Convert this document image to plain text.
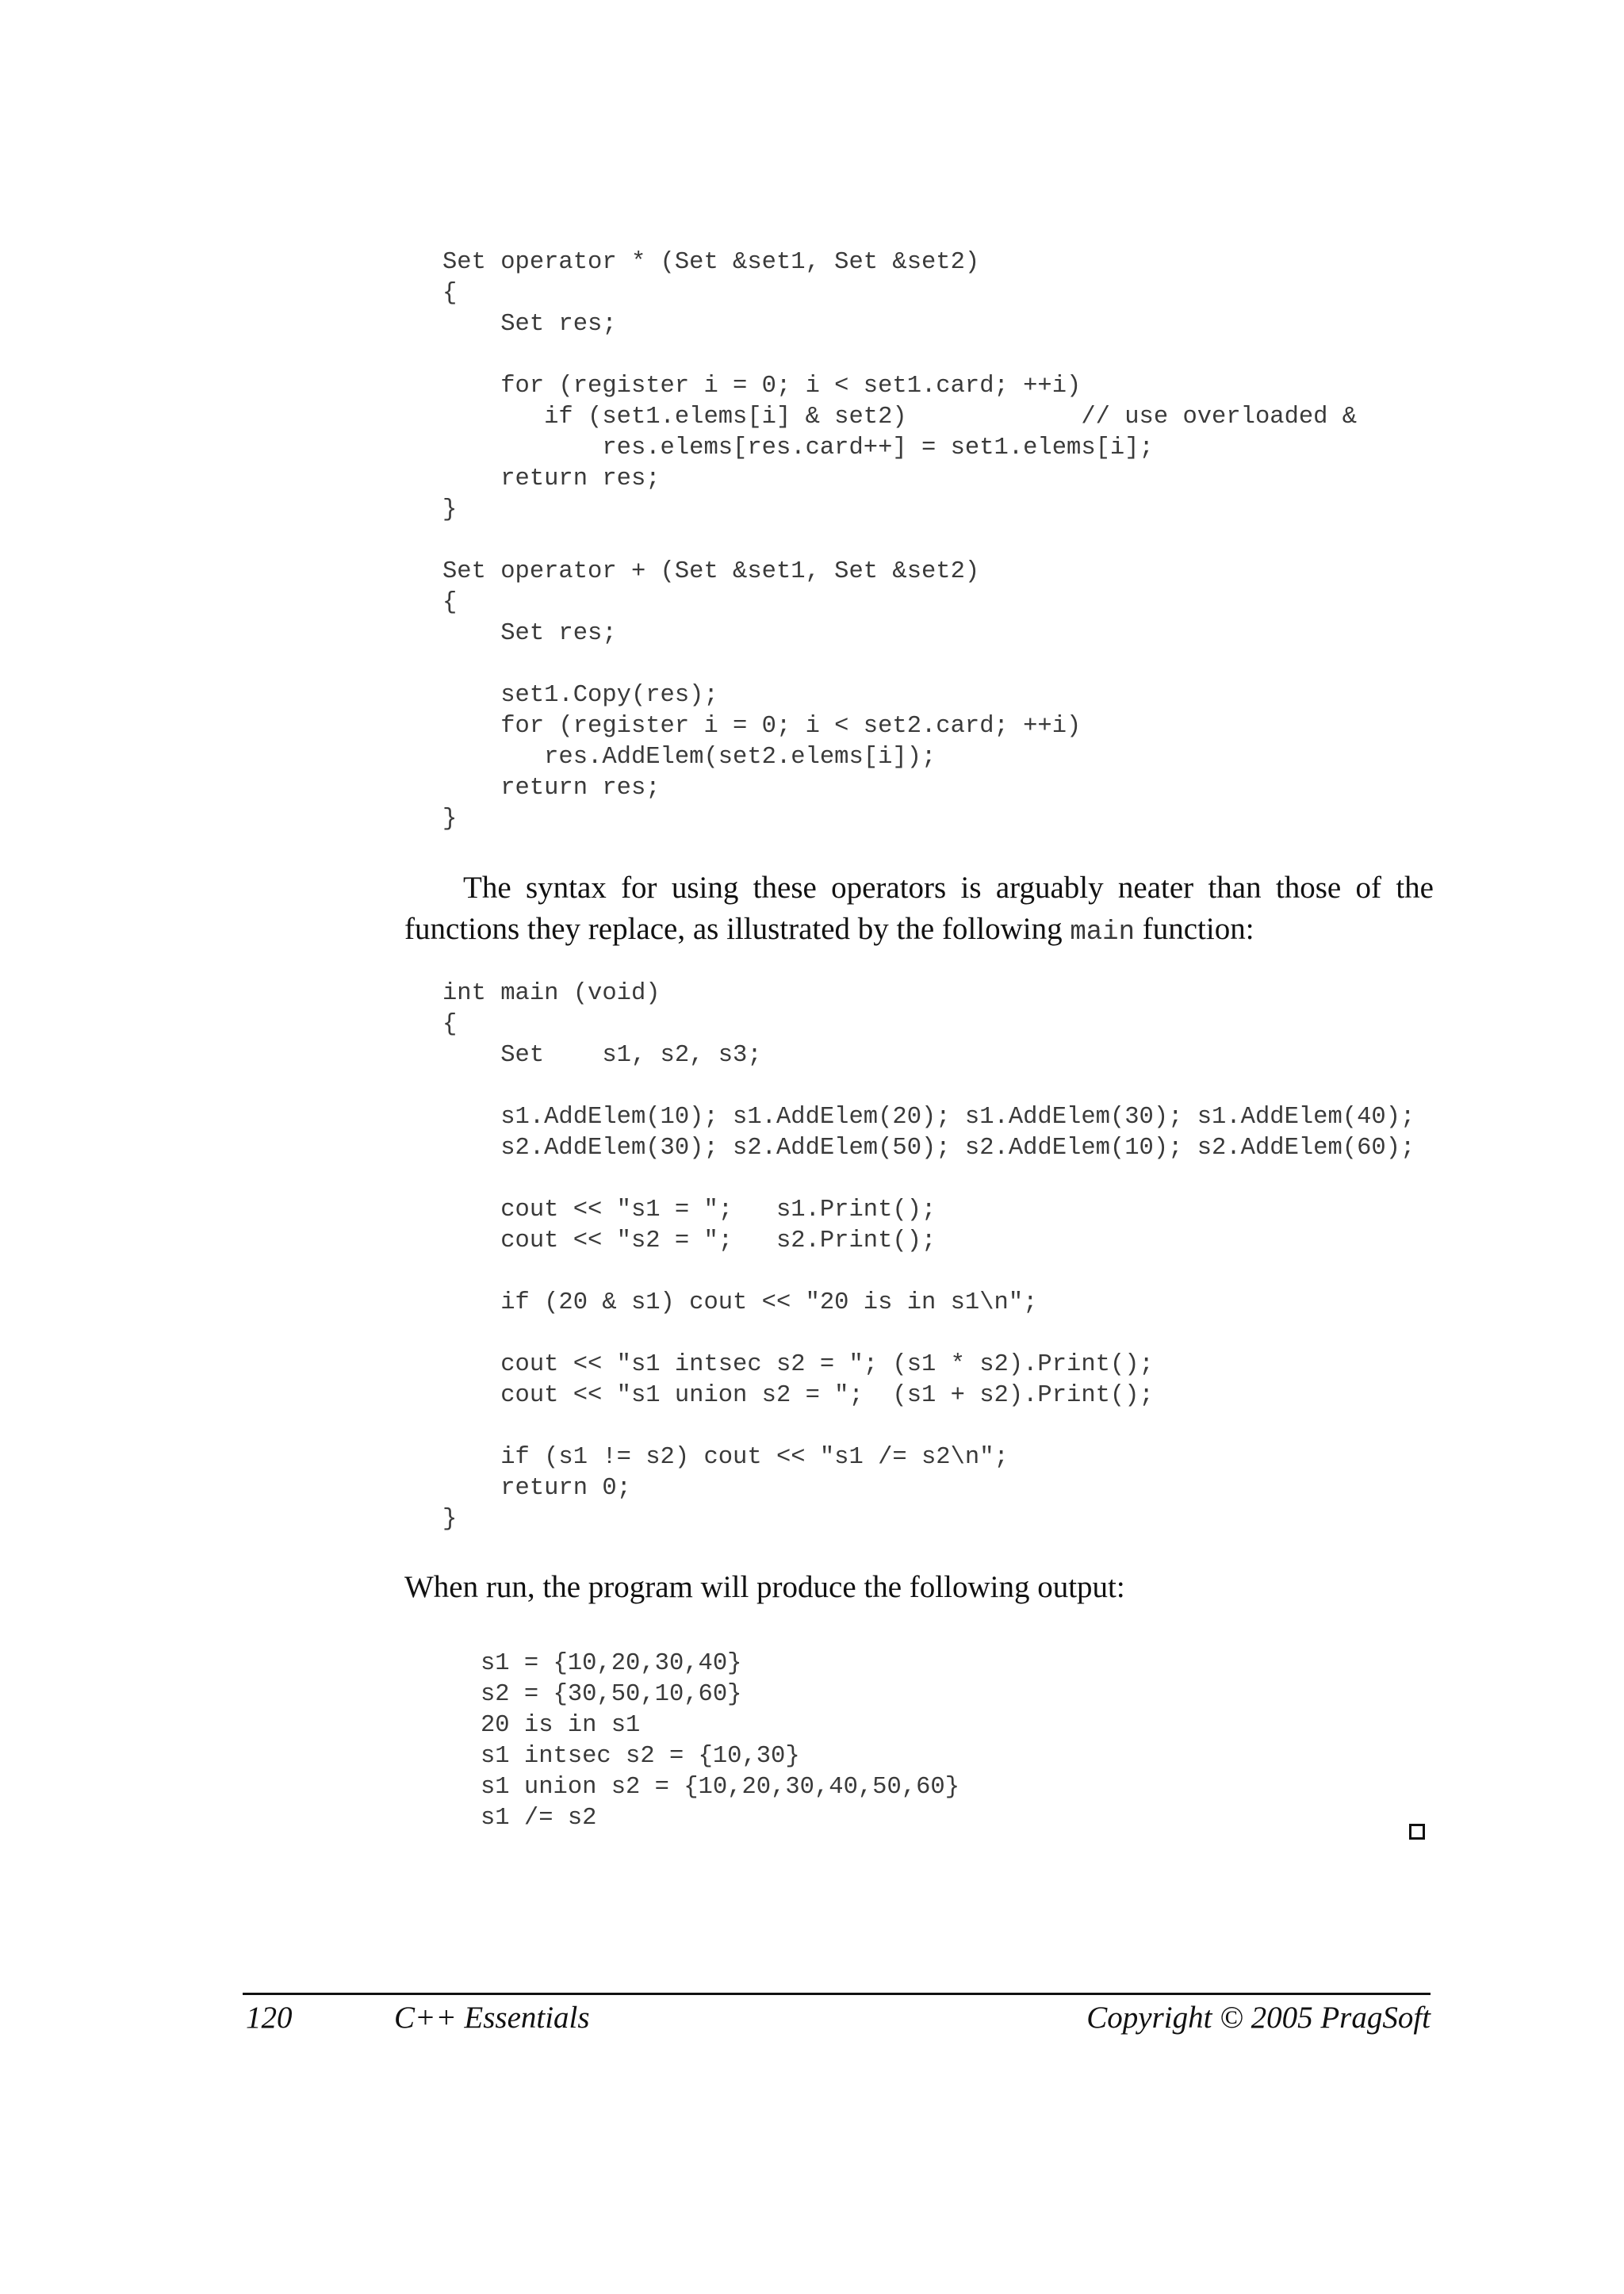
Set operator * (Set &set1, Set &set2)
{
Set res;
for (register i = 0; i < set1.card; ++i)
if (set1.elems[i] & set2)            // use overloaded &
res.elems[res.card++] = set1.elems[i];
return res;
}
Set operator + (Set &set1, Set &set2)
{
Set res;
set1.Copy(res);
for (register i = 0; i < set2.card; ++i)
res.AddElem(set2.elems[i]);
return res;
}

The syntax for using these operators is arguably neater than those of the functions they replace, as illustrated by the following main function:

int main (void)
{
Set    s1, s2, s3;
s1.AddElem(10); s1.AddElem(20); s1.AddElem(30); s1.AddElem(40);
s2.AddElem(30); s2.AddElem(50); s2.AddElem(10); s2.AddElem(60);
cout << "s1 = ";   s1.Print();
cout << "s2 = ";   s2.Print();
if (20 & s1) cout << "20 is in s1\n";
cout << "s1 intsec s2 = "; (s1 * s2).Print();
cout << "s1 union s2 = ";  (s1 + s2).Print();
if (s1 != s2) cout << "s1 /= s2\n";
return 0;
}

When run, the program will produce the following output:

s1 = {10,20,30,40}
s2 = {30,50,10,60}
20 is in s1
s1 intsec s2 = {10,30}
s1 union s2 = {10,20,30,40,50,60}
s1 /= s2
120	C++ Essentials	Copyright © 2005 PragSoft
